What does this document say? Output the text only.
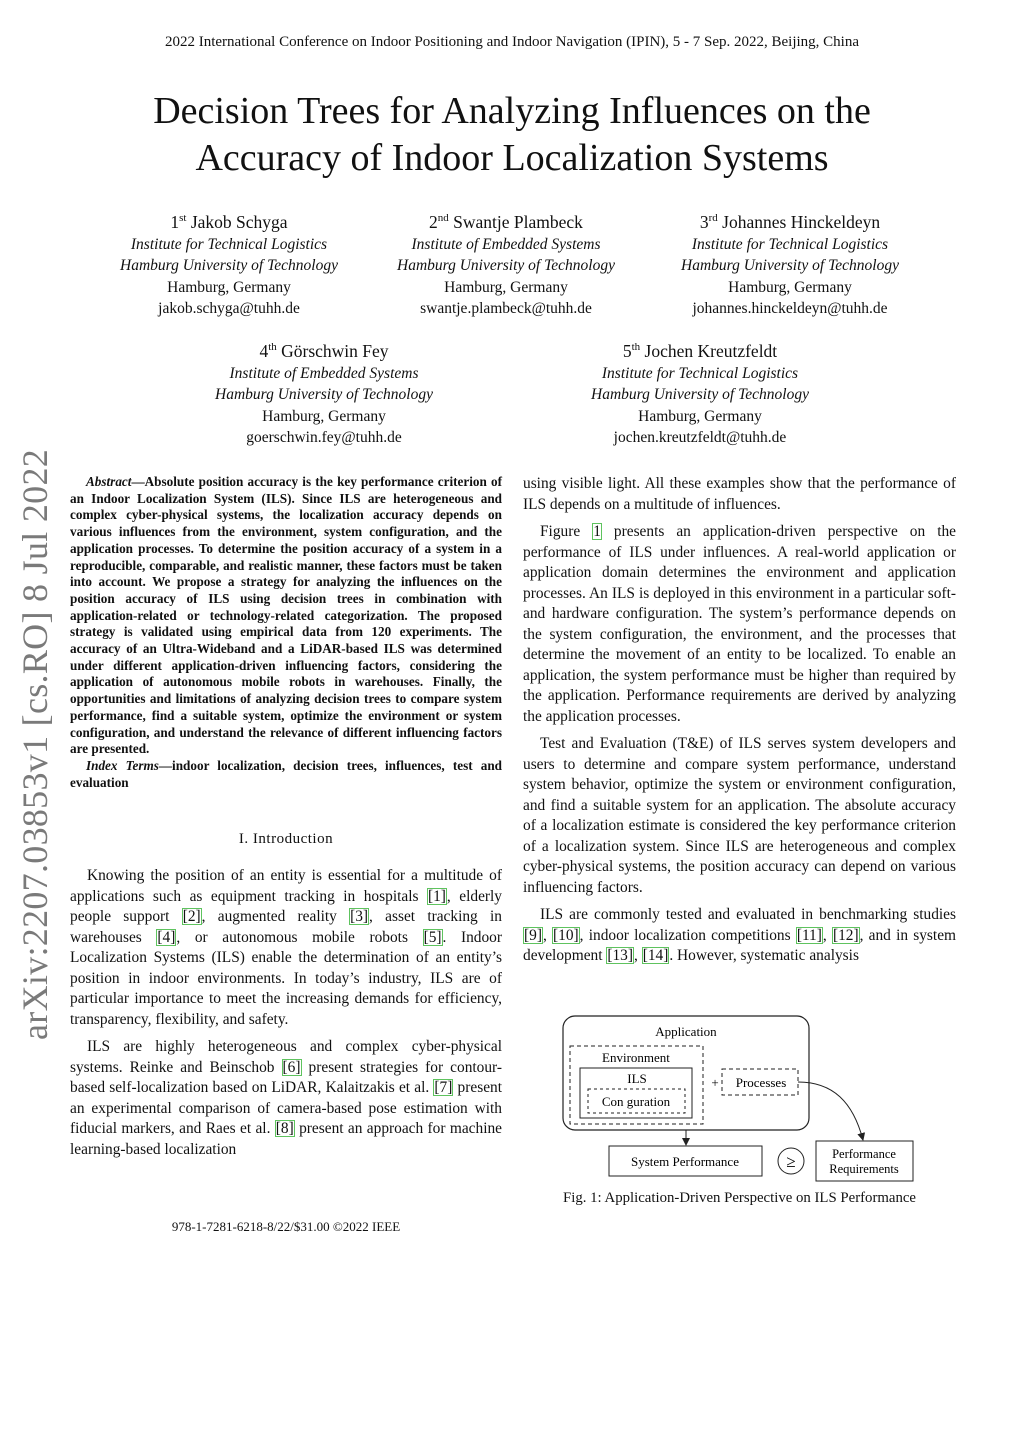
2022 International Conference on Indoor Positioning and Indoor Navigation (IPIN), 5 - 7 Sep. 2022, Beijing, China
Decision Trees for Analyzing Influences on the
Accuracy of Indoor Localization Systems
1st Jakob Schyga
Institute for Technical Logistics
Hamburg University of Technology
Hamburg, Germany
jakob.schyga@tuhh.de
2nd Swantje Plambeck
Institute of Embedded Systems
Hamburg University of Technology
Hamburg, Germany
swantje.plambeck@tuhh.de
3rd Johannes Hinckeldeyn
Institute for Technical Logistics
Hamburg University of Technology
Hamburg, Germany
johannes.hinckeldeyn@tuhh.de
4th Görschwin Fey
Institute of Embedded Systems
Hamburg University of Technology
Hamburg, Germany
goerschwin.fey@tuhh.de
5th Jochen Kreutzfeldt
Institute for Technical Logistics
Hamburg University of Technology
Hamburg, Germany
jochen.kreutzfeldt@tuhh.de
arXiv:2207.03853v1 [cs.RO] 8 Jul 2022	Abstract—Absolute position accuracy is the key performance criterion of an Indoor Localization System (ILS). Since ILS are heterogeneous and complex cyber-physical systems, the localization accuracy depends on various influences from the environment, system configuration, and the application processes. To determine the position accuracy of a system in a reproducible, comparable, and realistic manner, these factors must be taken into account. We propose a strategy for analyzing the influences on the position accuracy of ILS using decision trees in combination with application-related or technology-related categorization. The proposed strategy is validated using empirical data from 120 experiments. The accuracy of an Ultra-Wideband and a LiDAR-based ILS was determined under different application-driven influencing factors, considering the application of autonomous mobile robots in warehouses. Finally, the opportunities and limitations of analyzing decision trees to compare system performance, find a suitable system, optimize the environment or system configuration, and understand the relevance of different influencing factors are presented.

Index Terms—indoor localization, decision trees, influences, test and evaluation

I. Introduction

Knowing the position of an entity is essential for a multitude of applications such as equipment tracking in hospitals [1], elderly people support [2], augmented reality [3], asset tracking in warehouses [4], or autonomous mobile robots [5]. Indoor Localization Systems (ILS) enable the determination of an entity’s position in indoor environments. In today’s industry, ILS are of particular importance to meet the increasing demands for efficiency, transparency, flexibility, and safety.

ILS are highly heterogeneous and complex cyber-physical systems. Reinke and Beinschob [6] present strategies for contour-based self-localization based on LiDAR, Kalaitzakis et al. [7] present an experimental comparison of camera-based pose estimation with fiducial markers, and Raes et al. [8] present an approach for machine learning-based localization

978-1-7281-6218-8/22/$31.00 ©2022 IEEE

using visible light. All these examples show that the performance of ILS depends on a multitude of influences.

Figure 1 presents an application-driven perspective on the performance of ILS under influences. A real-world application or application domain determines the environment and application processes. An ILS is deployed in this environment in a particular soft- and hardware configuration. The system’s performance depends on the system configuration, the environment, and the processes that determine the movement of an entity to be localized. To enable an application, the system performance must be higher than required by the application. Performance requirements are derived by analyzing the application processes.

Test and Evaluation (T&E) of ILS serves system developers and users to determine and compare system performance, understand system behavior, optimize the system or environment configuration, and find a suitable system for an application. The absolute accuracy of a localization estimate is considered the key performance criterion of a localization system. Since ILS are heterogeneous and complex cyber-physical systems, the position accuracy can depend on various influencing factors.

ILS are commonly tested and evaluated in benchmarking studies [9], [10], indoor localization competitions [11], [12], and in system development [13], [14]. However, systematic analysis

Application
Environment
ILS
Con guration
+ Processes
System Performance	≥	Performance
Requirements
Fig. 1: Application-Driven Perspective on ILS Performance
